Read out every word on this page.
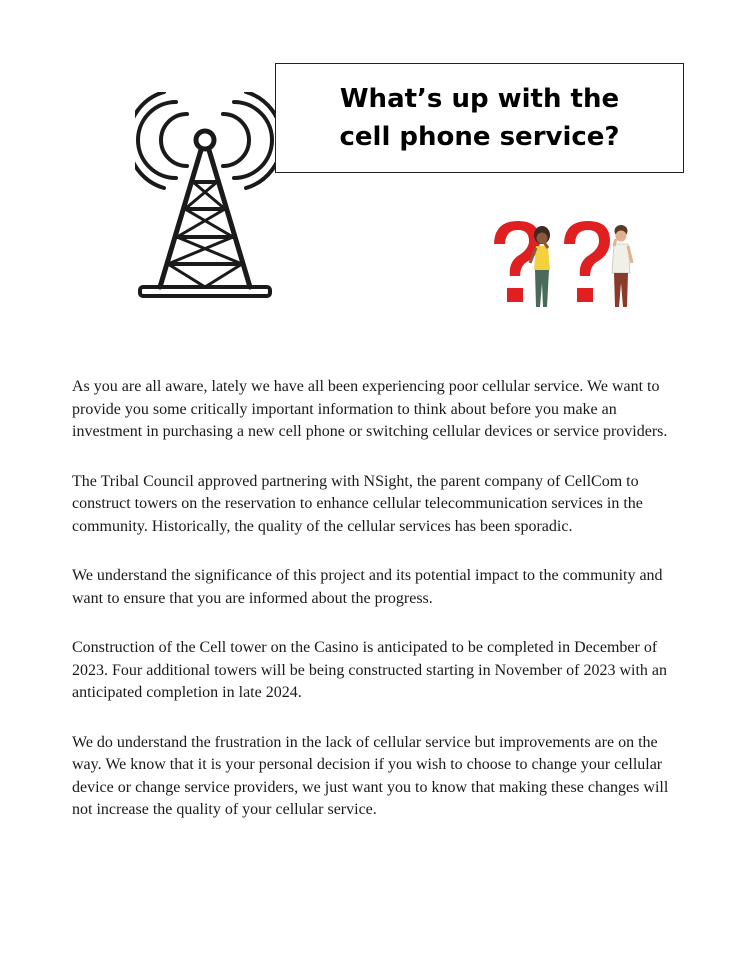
What’s up with the cell phone service?

As you are all aware, lately we have all been experiencing poor cellular service. We want to provide you some critically important information to think about before you make an investment in purchasing a new cell phone or switching cellular devices or service providers.

The Tribal Council approved partnering with NSight, the parent company of CellCom to construct towers on the reservation to enhance cellular telecommunication services in the community. Historically, the quality of the cellular services has been sporadic.

We understand the significance of this project and its potential impact to the community and want to ensure that you are informed about the progress.

Construction of the Cell tower on the Casino is anticipated to be completed in December of 2023. Four additional towers will be being constructed starting in November of 2023 with an anticipated completion in late 2024.

We do understand the frustration in the lack of cellular service but improvements are on the way. We know that it is your personal decision if you wish to choose to change your cellular device or change service providers, we just want you to know that making these changes will not increase the quality of your cellular service.
